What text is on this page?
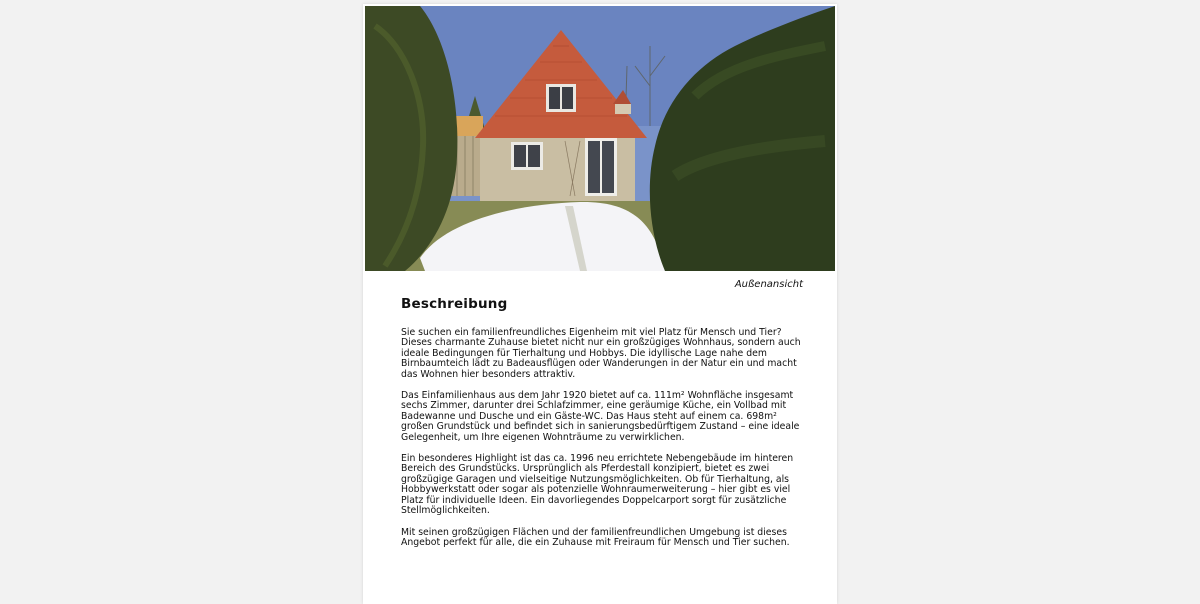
Außenansicht
Beschreibung

Sie suchen ein familienfreundliches Eigenheim mit viel Platz für Mensch und Tier? Dieses charmante Zuhause bietet nicht nur ein großzügiges Wohnhaus, sondern auch ideale Bedingungen für Tierhaltung und Hobbys. Die idyllische Lage nahe dem Birnbaumteich lädt zu Badeausflügen oder Wanderungen in der Natur ein und macht das Wohnen hier besonders attraktiv.

Das Einfamilienhaus aus dem Jahr 1920 bietet auf ca. 111m² Wohnfläche insgesamt sechs Zimmer, darunter drei Schlafzimmer, eine geräumige Küche, ein Vollbad mit Badewanne und Dusche und ein Gäste-WC. Das Haus steht auf einem ca. 698m² großen Grundstück und befindet sich in sanierungsbedürftigem Zustand – eine ideale Gelegenheit, um Ihre eigenen Wohnträume zu verwirklichen.

Ein besonderes Highlight ist das ca. 1996 neu errichtete Nebengebäude im hinteren Bereich des Grundstücks. Ursprünglich als Pferdestall konzipiert, bietet es zwei großzügige Garagen und vielseitige Nutzungsmöglichkeiten. Ob für Tierhaltung, als Hobbywerkstatt oder sogar als potenzielle Wohnraumerweiterung – hier gibt es viel Platz für individuelle Ideen. Ein davorliegendes Doppelcarport sorgt für zusätzliche Stellmöglichkeiten.

Mit seinen großzügigen Flächen und der familienfreundlichen Umgebung ist dieses Angebot perfekt für alle, die ein Zuhause mit Freiraum für Mensch und Tier suchen.
